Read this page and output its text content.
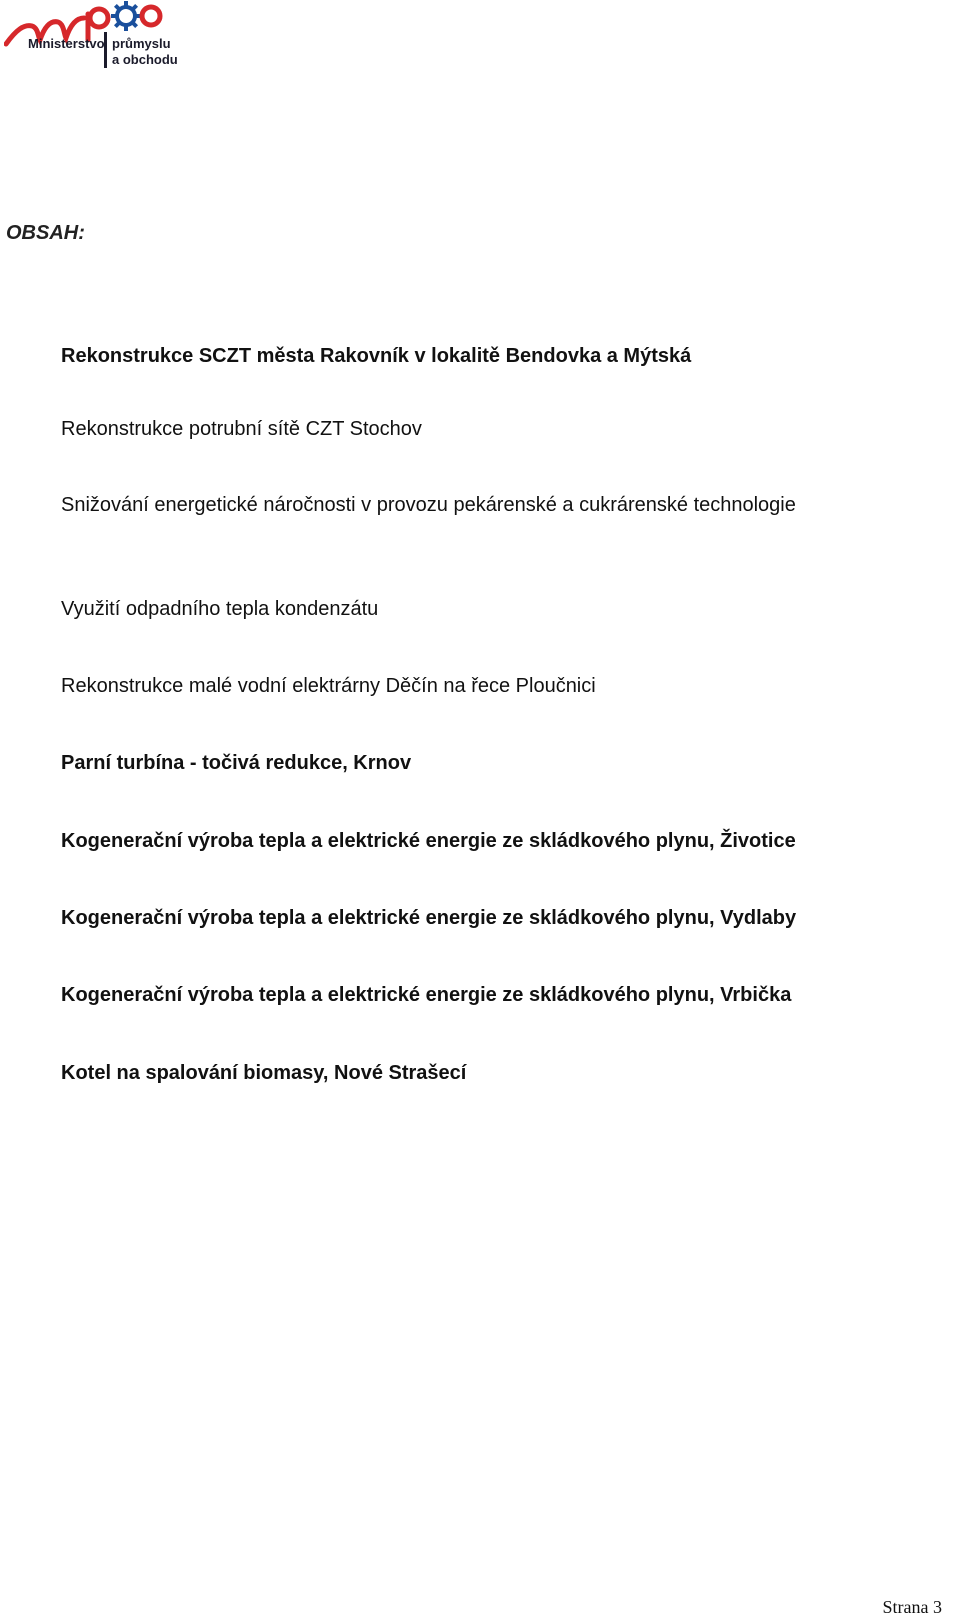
Ministerstvo průmyslu
a obchodu
OBSAH:
Rekonstrukce SCZT města Rakovník v lokalitě Bendovka a Mýtská
Rekonstrukce potrubní sítě CZT Stochov
Snižování energetické náročnosti v provozu pekárenské a cukrárenské technologie
Využití odpadního tepla kondenzátu
Rekonstrukce malé vodní elektrárny Děčín na řece Ploučnici
Parní turbína - točivá redukce, Krnov
Kogenerační výroba tepla a elektrické energie ze skládkového plynu, Životice
Kogenerační výroba tepla a elektrické energie ze skládkového plynu, Vydlaby
Kogenerační výroba tepla a elektrické energie ze skládkového plynu, Vrbička
Kotel na spalování biomasy, Nové Strašecí
Strana 3
